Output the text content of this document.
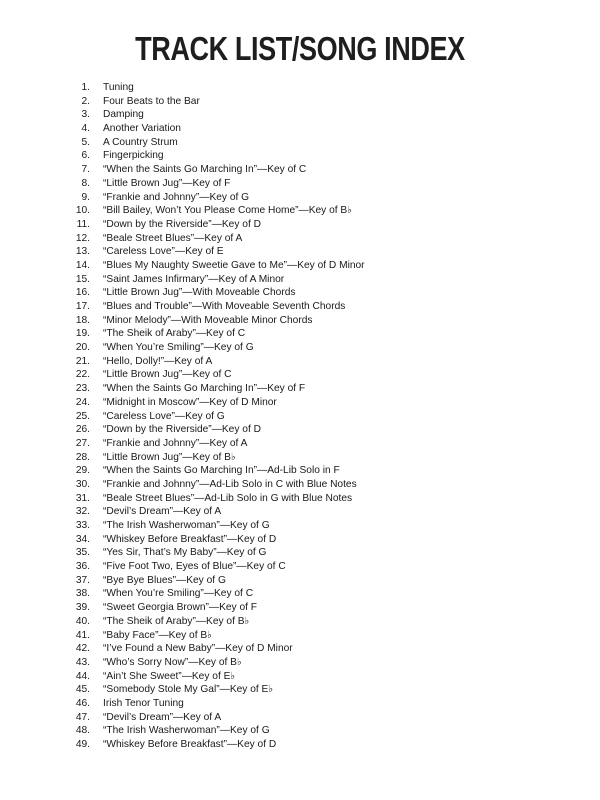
TRACK LIST/SONG INDEX
1. Tuning
2. Four Beats to the Bar
3. Damping
4. Another Variation
5. A Country Strum
6. Fingerpicking
7. “When the Saints Go Marching In”—Key of C
8. “Little Brown Jug”—Key of F
9. “Frankie and Johnny”—Key of G
10. “Bill Bailey, Won’t You Please Come Home”—Key of B♭
11. “Down by the Riverside”—Key of D
12. “Beale Street Blues”—Key of A
13. “Careless Love”—Key of E
14. “Blues My Naughty Sweetie Gave to Me”—Key of D Minor
15. “Saint James Infirmary”—Key of A Minor
16. “Little Brown Jug”—With Moveable Chords
17. “Blues and Trouble”—With Moveable Seventh Chords
18. “Minor Melody”—With Moveable Minor Chords
19. “The Sheik of Araby”—Key of C
20. “When You’re Smiling”—Key of G
21. “Hello, Dolly!”—Key of A
22. “Little Brown Jug”—Key of C
23. “When the Saints Go Marching In”—Key of F
24. “Midnight in Moscow”—Key of D Minor
25. “Careless Love”—Key of G
26. “Down by the Riverside”—Key of D
27. “Frankie and Johnny”—Key of A
28. “Little Brown Jug”—Key of B♭
29. “When the Saints Go Marching In”—Ad-Lib Solo in F
30. “Frankie and Johnny”—Ad-Lib Solo in C with Blue Notes
31. “Beale Street Blues”—Ad-Lib Solo in G with Blue Notes
32. “Devil’s Dream”—Key of A
33. “The Irish Washerwoman”—Key of G
34. “Whiskey Before Breakfast”—Key of D
35. “Yes Sir, That’s My Baby”—Key of G
36. “Five Foot Two, Eyes of Blue”—Key of C
37. “Bye Bye Blues”—Key of G
38. “When You’re Smiling”—Key of C
39. “Sweet Georgia Brown”—Key of F
40. “The Sheik of Araby”—Key of B♭
41. “Baby Face”—Key of B♭
42. “I’ve Found a New Baby”—Key of D Minor
43. “Who’s Sorry Now”—Key of B♭
44. “Ain’t She Sweet”—Key of E♭
45. “Somebody Stole My Gal”—Key of E♭
46. Irish Tenor Tuning
47. “Devil’s Dream”—Key of A
48. “The Irish Washerwoman”—Key of G
49. “Whiskey Before Breakfast”—Key of D
